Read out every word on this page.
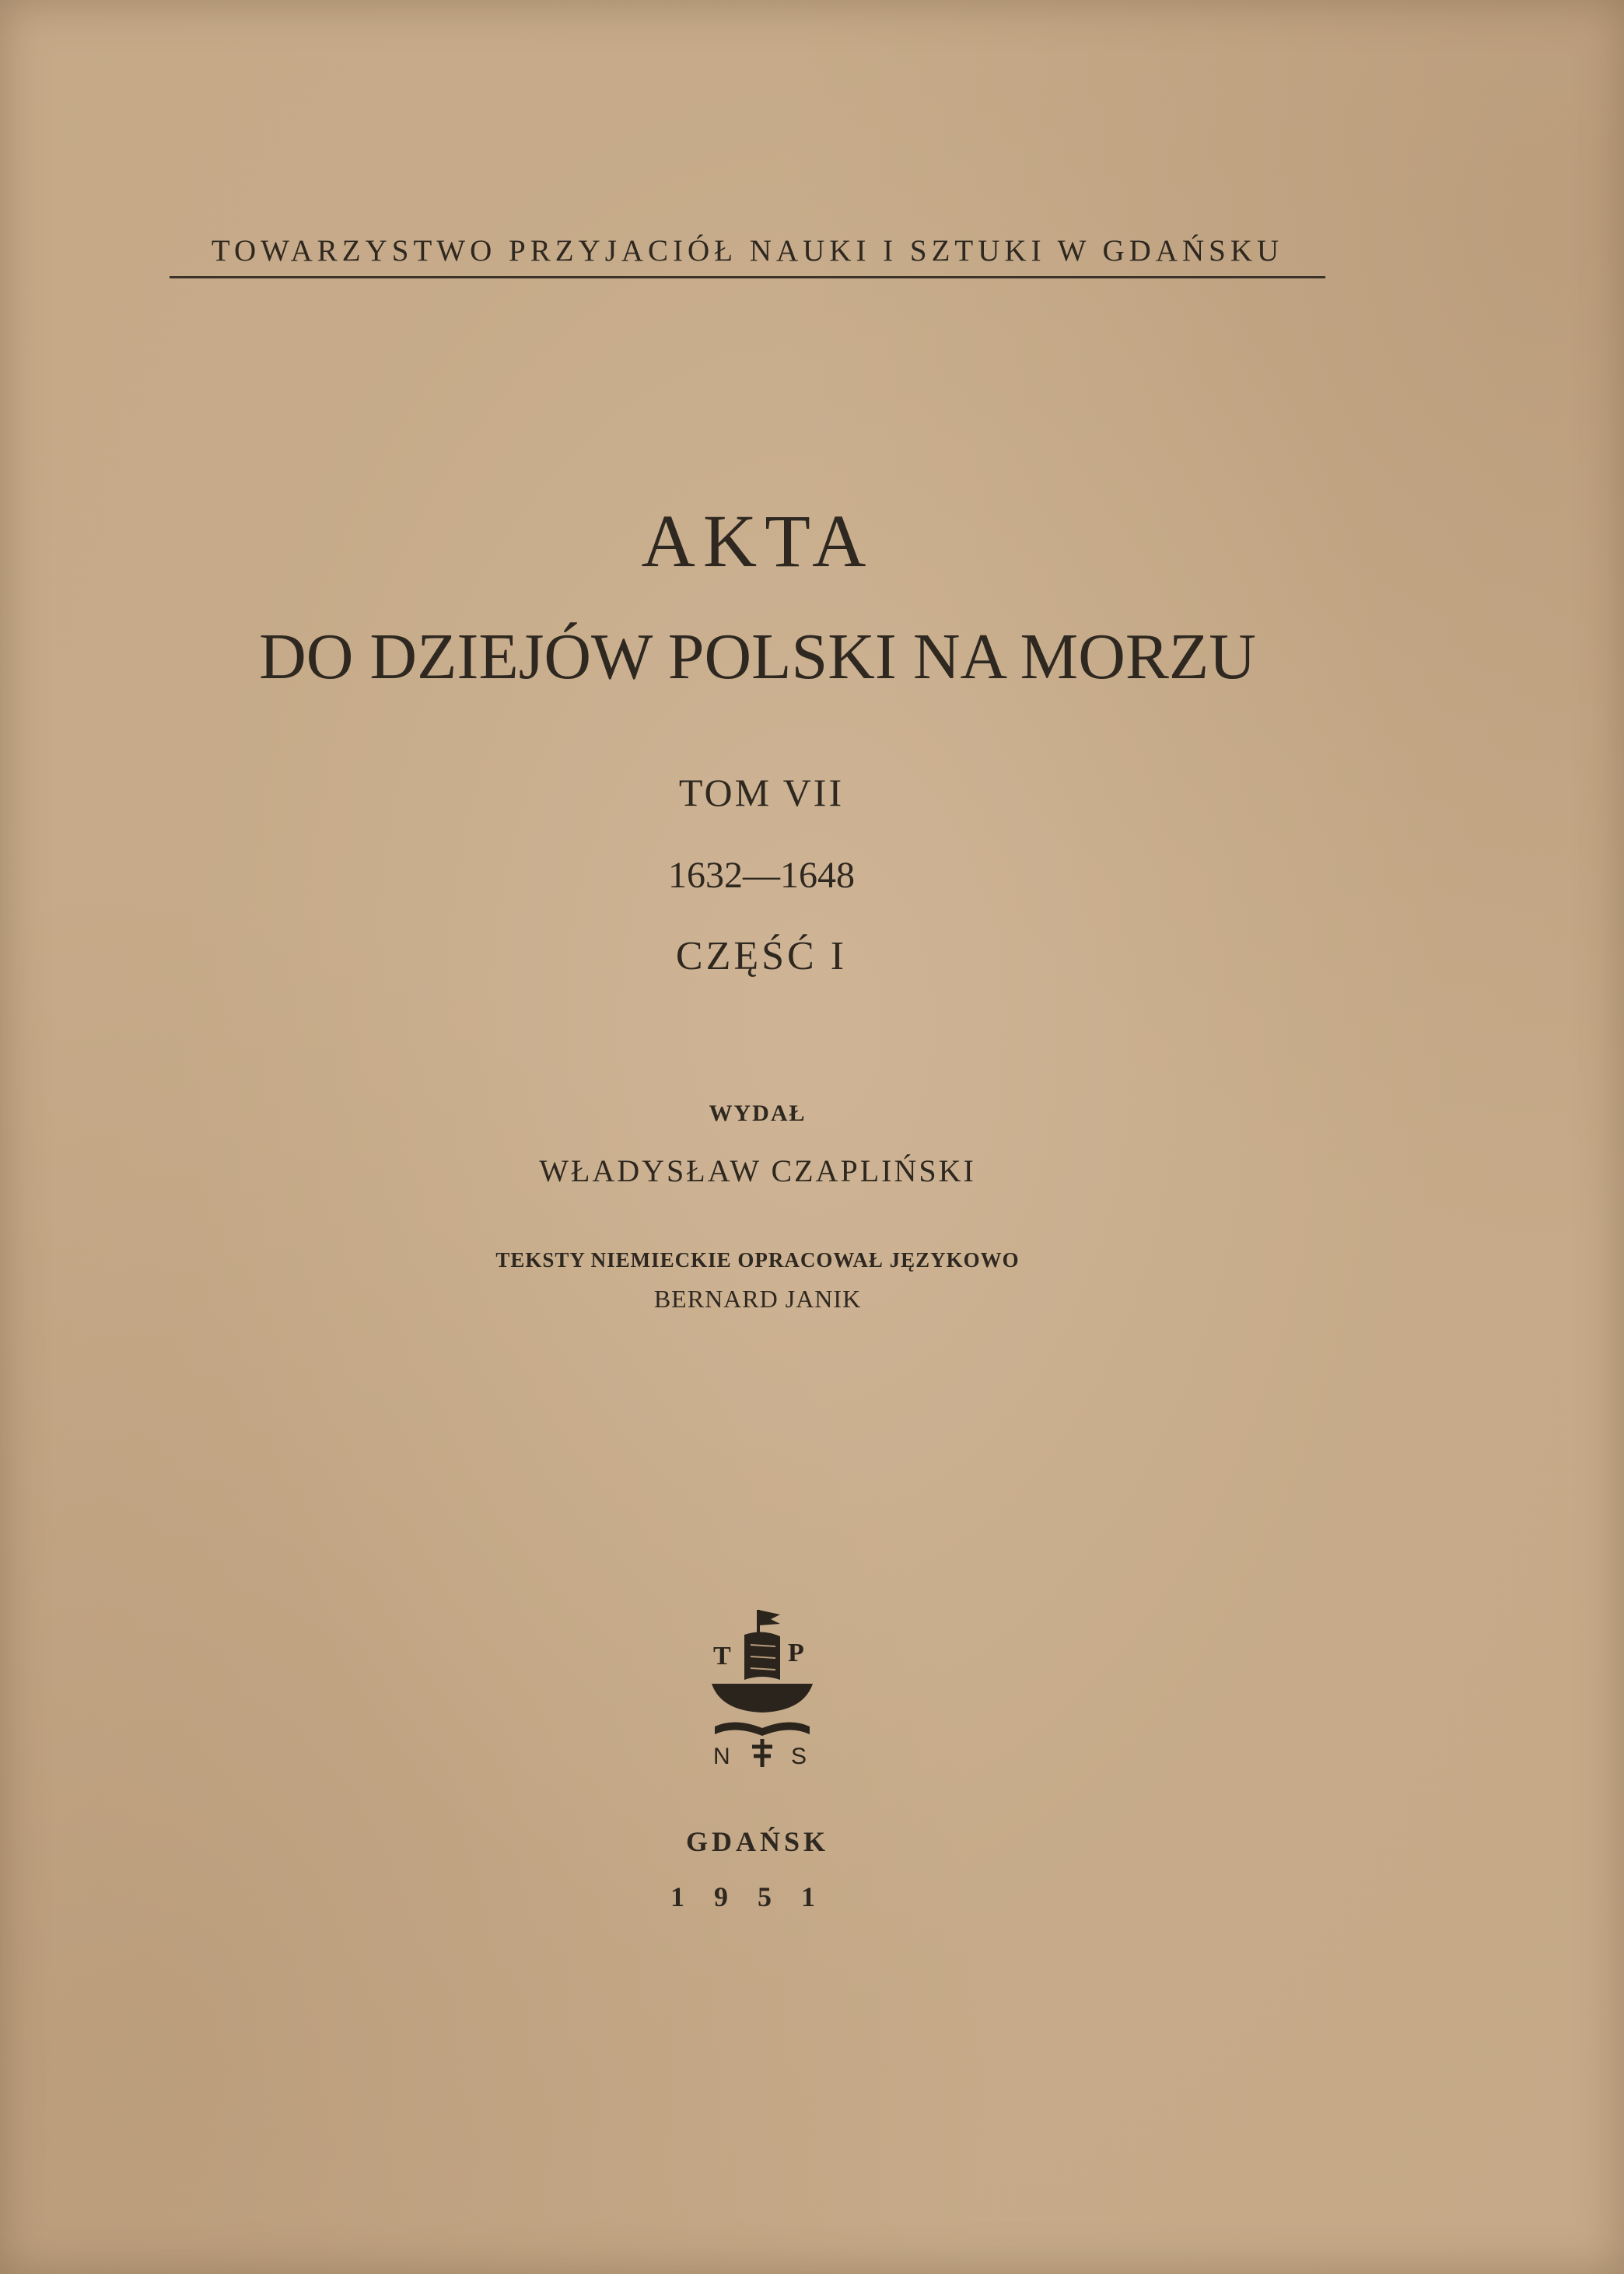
TOWARZYSTWO PRZYJACIÓŁ NAUKI I SZTUKI W GDAŃSKU
AKTA
DO DZIEJÓW POLSKI NA MORZU
TOM VII
1632—1648
CZĘŚĆ I
WYDAŁ
WŁADYSŁAW CZAPLIŃSKI
TEKSTY NIEMIECKIE OPRACOWAŁ JĘZYKOWO
BERNARD JANIK
T P
N	S
GDAŃSK
1951
